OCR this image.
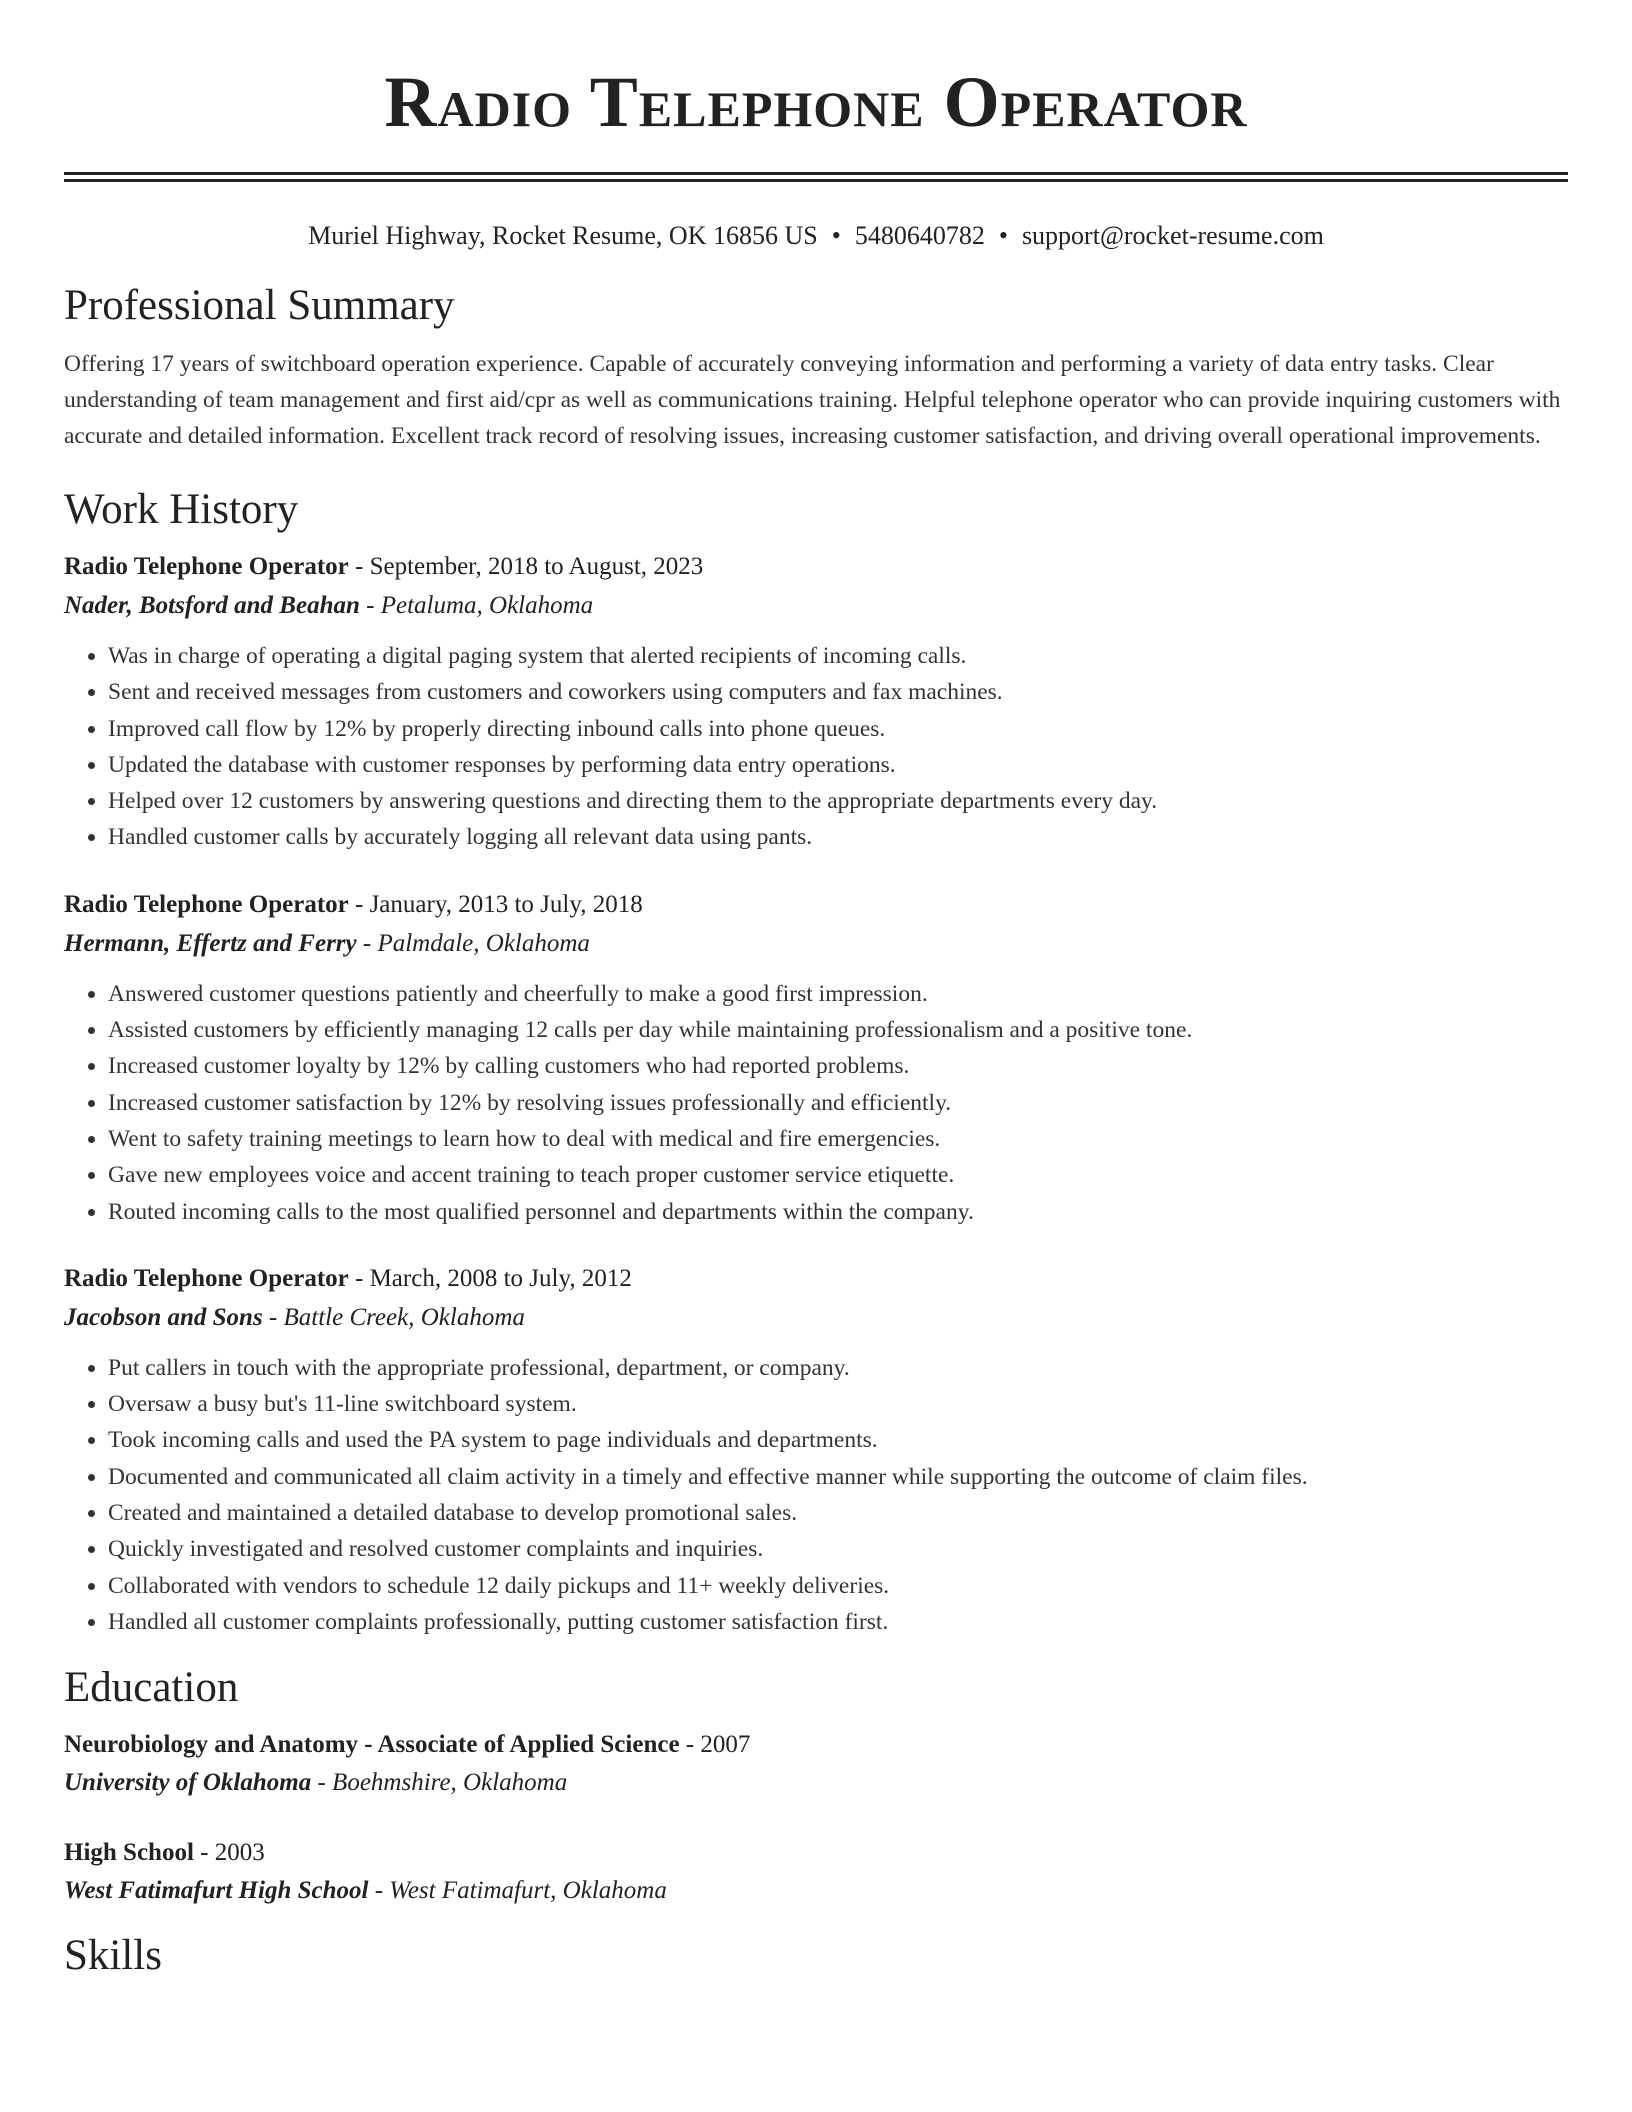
Radio Telephone Operator
Muriel Highway, Rocket Resume, OK 16856 US • 5480640782 • support@rocket-resume.com
Professional Summary

Offering 17 years of switchboard operation experience. Capable of accurately conveying information and performing a variety of data entry tasks. Clear understanding of team management and first aid/cpr as well as communications training. Helpful telephone operator who can provide inquiring customers with accurate and detailed information. Excellent track record of resolving issues, increasing customer satisfaction, and driving overall operational improvements.

Work History
Radio Telephone Operator - September, 2018 to August, 2023
Nader, Botsford and Beahan - Petaluma, Oklahoma
• Was in charge of operating a digital paging system that alerted recipients of incoming calls.
• Sent and received messages from customers and coworkers using computers and fax machines.
• Improved call flow by 12% by properly directing inbound calls into phone queues.
• Updated the database with customer responses by performing data entry operations.
• Helped over 12 customers by answering questions and directing them to the appropriate departments every day.
• Handled customer calls by accurately logging all relevant data using pants.
Radio Telephone Operator - January, 2013 to July, 2018
Hermann, Effertz and Ferry - Palmdale, Oklahoma
• Answered customer questions patiently and cheerfully to make a good first impression.
• Assisted customers by efficiently managing 12 calls per day while maintaining professionalism and a positive tone.
• Increased customer loyalty by 12% by calling customers who had reported problems.
• Increased customer satisfaction by 12% by resolving issues professionally and efficiently.
• Went to safety training meetings to learn how to deal with medical and fire emergencies.
• Gave new employees voice and accent training to teach proper customer service etiquette.
• Routed incoming calls to the most qualified personnel and departments within the company.
Radio Telephone Operator - March, 2008 to July, 2012
Jacobson and Sons - Battle Creek, Oklahoma
• Put callers in touch with the appropriate professional, department, or company.
• Oversaw a busy but's 11-line switchboard system.
• Took incoming calls and used the PA system to page individuals and departments.
• Documented and communicated all claim activity in a timely and effective manner while supporting the outcome of claim files.
• Created and maintained a detailed database to develop promotional sales.
• Quickly investigated and resolved customer complaints and inquiries.
• Collaborated with vendors to schedule 12 daily pickups and 11+ weekly deliveries.
• Handled all customer complaints professionally, putting customer satisfaction first.
Education
Neurobiology and Anatomy - Associate of Applied Science - 2007
University of Oklahoma - Boehmshire, Oklahoma
High School - 2003
West Fatimafurt High School - West Fatimafurt, Oklahoma
Skills
